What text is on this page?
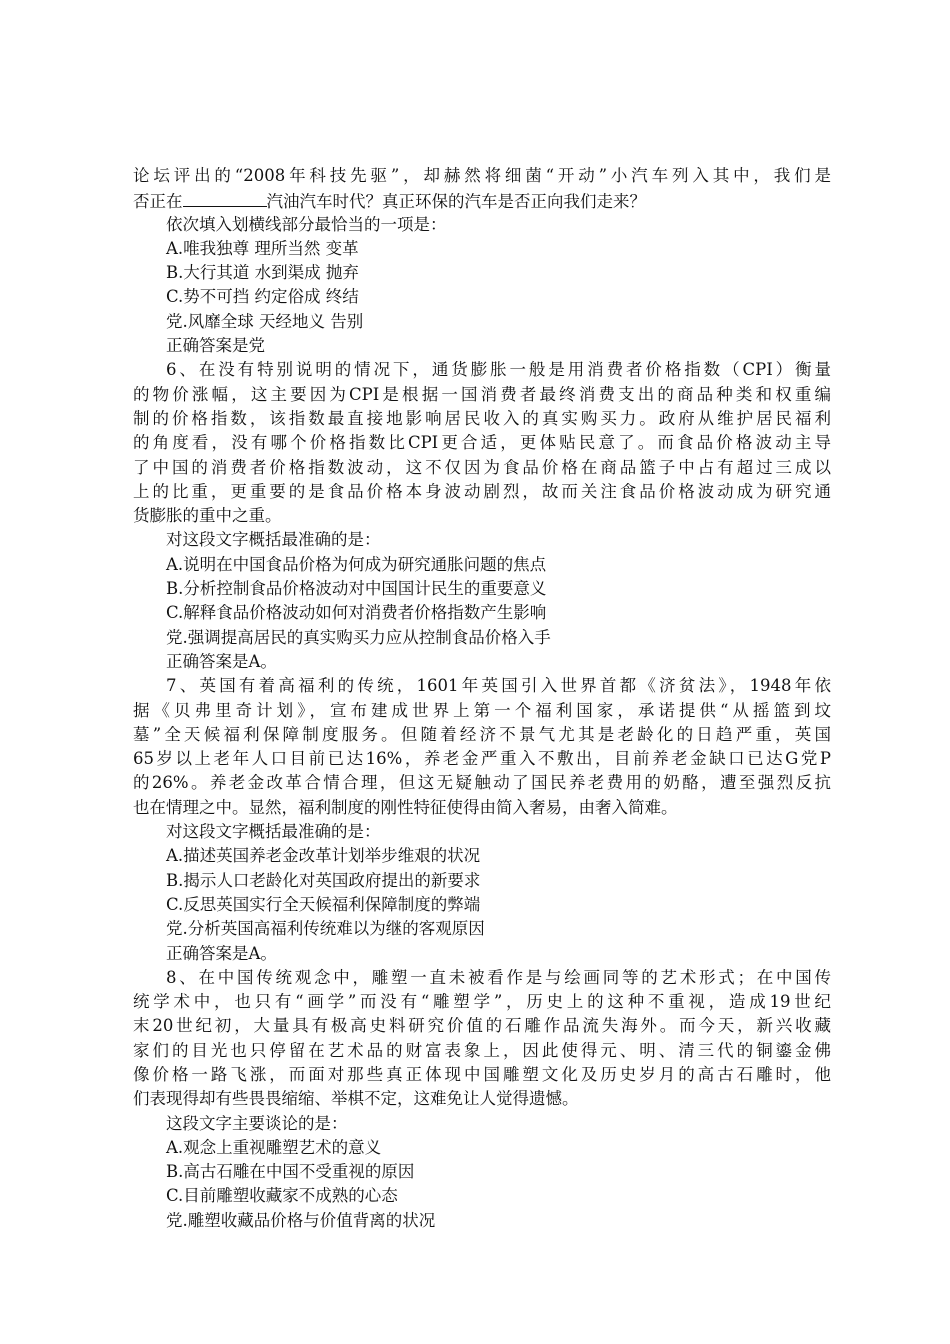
论坛评出的“2008年科技先驱”，却赫然将细菌“开动”小汽车列入其中，我们是
否正在	汽油汽车时代？真正环保的汽车是否正向我们走来？
依次填入划横线部分最恰当的一项是：
A.唯我独尊 理所当然 变革
B.大行其道 水到渠成 抛弃
C.势不可挡 约定俗成 终结
党.风靡全球 天经地义 告别
正确答案是党
6、在没有特别说明的情况下，通货膨胀一般是用消费者价格指数（CPI）衡量
的物价涨幅，这主要因为CPI是根据一国消费者最终消费支出的商品种类和权重编
制的价格指数，该指数最直接地影响居民收入的真实购买力。政府从维护居民福利
的角度看，没有哪个价格指数比CPI更合适，更体贴民意了。而食品价格波动主导
了中国的消费者价格指数波动，这不仅因为食品价格在商品篮子中占有超过三成以
上的比重，更重要的是食品价格本身波动剧烈，故而关注食品价格波动成为研究通
货膨胀的重中之重。
对这段文字概括最准确的是：
A.说明在中国食品价格为何成为研究通胀问题的焦点
B.分析控制食品价格波动对中国国计民生的重要意义
C.解释食品价格波动如何对消费者价格指数产生影响
党.强调提高居民的真实购买力应从控制食品价格入手
正确答案是A。
7、英国有着高福利的传统，1601年英国引入世界首都《济贫法》，1948年依
据《贝弗里奇计划》，宣布建成世界上第一个福利国家，承诺提供“从摇篮到坟
墓”全天候福利保障制度服务。但随着经济不景气尤其是老龄化的日趋严重，英国
65岁以上老年人口目前已达16%，养老金严重入不敷出，目前养老金缺口已达G党P
的26%。养老金改革合情合理，但这无疑触动了国民养老费用的奶酪，遭至强烈反抗
也在情理之中。显然，福利制度的刚性特征使得由简入奢易，由奢入简难。
对这段文字概括最准确的是：
A.描述英国养老金改革计划举步维艰的状况
B.揭示人口老龄化对英国政府提出的新要求
C.反思英国实行全天候福利保障制度的弊端
党.分析英国高福利传统难以为继的客观原因
正确答案是A。
8、在中国传统观念中，雕塑一直未被看作是与绘画同等的艺术形式；在中国传
统学术中，也只有“画学”而没有“雕塑学”，历史上的这种不重视，造成19世纪
末20世纪初，大量具有极高史料研究价值的石雕作品流失海外。而今天，新兴收藏
家们的目光也只停留在艺术品的财富表象上，因此使得元、明、清三代的铜鎏金佛
像价格一路飞涨，而面对那些真正体现中国雕塑文化及历史岁月的高古石雕时，他
们表现得却有些畏畏缩缩、举棋不定，这难免让人觉得遗憾。
这段文字主要谈论的是：
A.观念上重视雕塑艺术的意义
B.高古石雕在中国不受重视的原因
C.目前雕塑收藏家不成熟的心态
党.雕塑收藏品价格与价值背离的状况
